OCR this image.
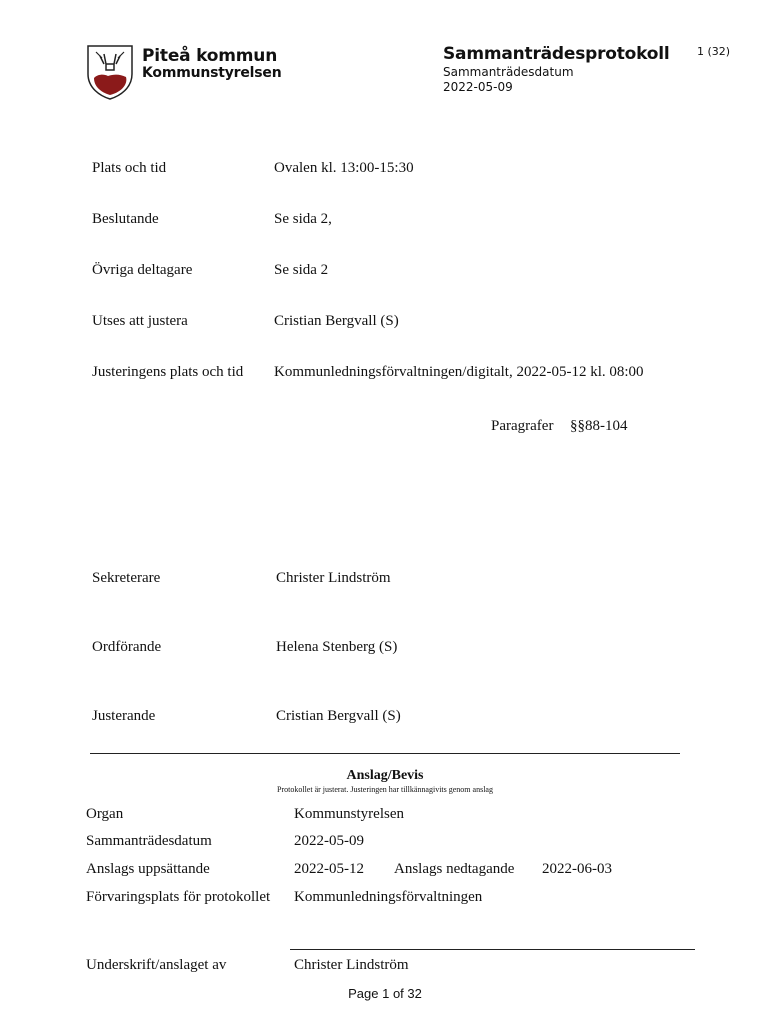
Piteå kommun
Kommunstyrelsen
Sammanträdesprotokoll
Sammanträdesdatum
2022-05-09
1 (32)
Plats och tid	Ovalen kl. 13:00-15:30
Beslutande	Se sida 2,
Övriga deltagare	Se sida 2
Utses att justera	Cristian Bergvall (S)
Justeringens plats och tid Kommunledningsförvaltningen/digitalt, 2022-05-12 kl. 08:00
Paragrafer §§88-104
Sekreterare	Christer Lindström
Ordförande	Helena Stenberg (S)
Justerande	Cristian Bergvall (S)
Anslag/Bevis
Protokollet är justerat. Justeringen har tillkännagivits genom anslag
Organ	Kommunstyrelsen
Sammanträdesdatum	2022-05-09
Anslags uppsättande	2022-05-12 Anslags nedtagande 2022-06-03
Förvaringsplats för protokollet Kommunledningsförvaltningen
Underskrift/anslaget av	Christer Lindström
Page 1 of 32
